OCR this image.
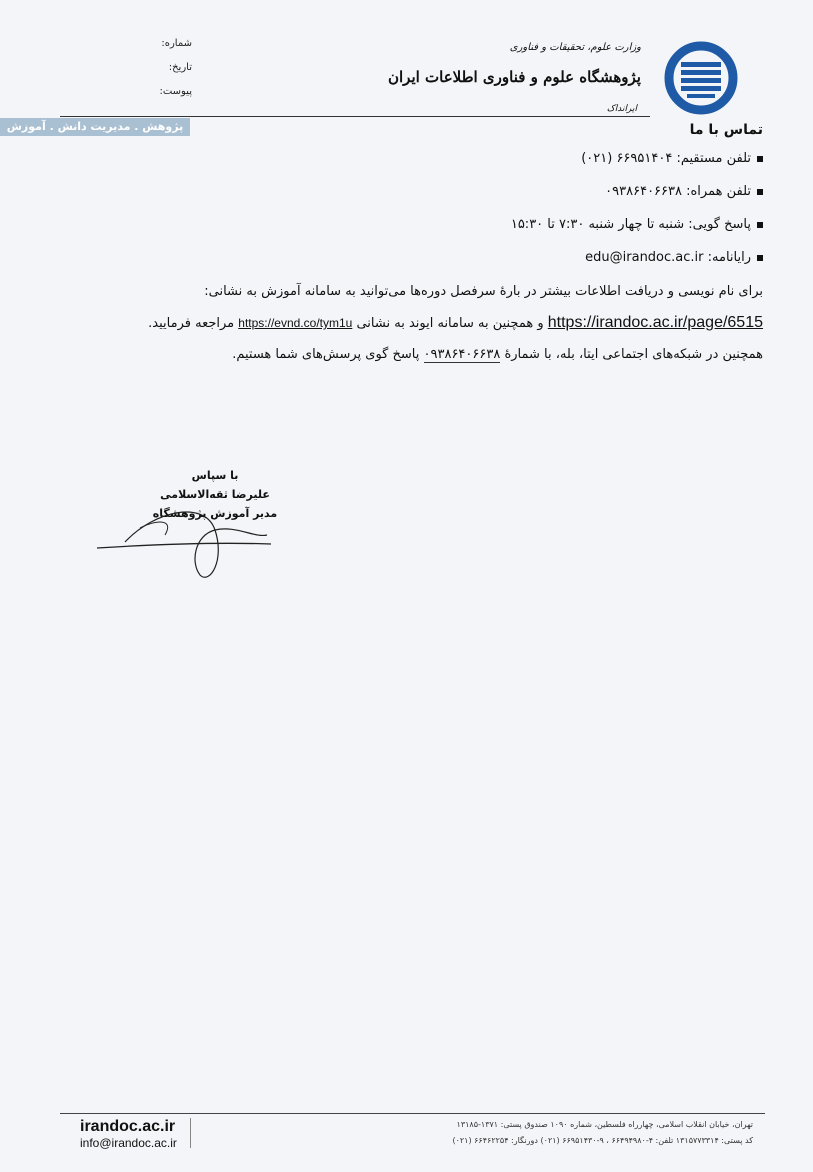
شماره:
تاریخ:
پیوست:
وزارت علوم، تحقیقات و فناوری
پژوهشگاه علوم و فناوری اطلاعات ایران
ایرانداک
پژوهش . مدیریت دانش . آموزش	تماس با ما
تلفن مستقیم: ۶۶۹۵۱۴۰۴ (۰۲۱)
تلفن همراه: ۰۹۳۸۶۴۰۶۶۳۸
پاسخ گویی: شنبه تا چهار شنبه ۷:۳۰ تا ۱۵:۳۰
رایانامه: edu@irandoc.ac.ir
برای نام نویسی و دریافت اطلاعات بیشتر در بارهٔ سرفصل دوره‌ها می‌توانید به سامانه آموزش به نشانی:
https://irandoc.ac.ir/page/6515 و همچنین به سامانه ایوند به نشانی https://evnd.co/tym1u مراجعه فرمایید.
همچنین در شبکه‌های اجتماعی ایتا، بله، با شمارهٔ ۰۹۳۸۶۴۰۶۶۳۸ پاسخ گوی پرسش‌های شما هستیم.
با سپاس
علیرضا ثقه‌الاسلامی
مدیر آموزش پژوهشگاه
irandoc.ac.ir
info@irandoc.ac.ir
تهران، خیابان انقلاب اسلامی، چهارراه فلسطین، شماره ۱۰۹۰ صندوق پستی: ۱۳۷۱-۱۳۱۸۵
کد پستی: ۱۳۱۵۷۷۳۳۱۴ تلفن: ۴-۶۶۴۹۴۹۸۰ ، ۹-۶۶۹۵۱۴۳۰ (۰۲۱) دورنگار: ۶۶۴۶۲۲۵۴ (۰۲۱)
